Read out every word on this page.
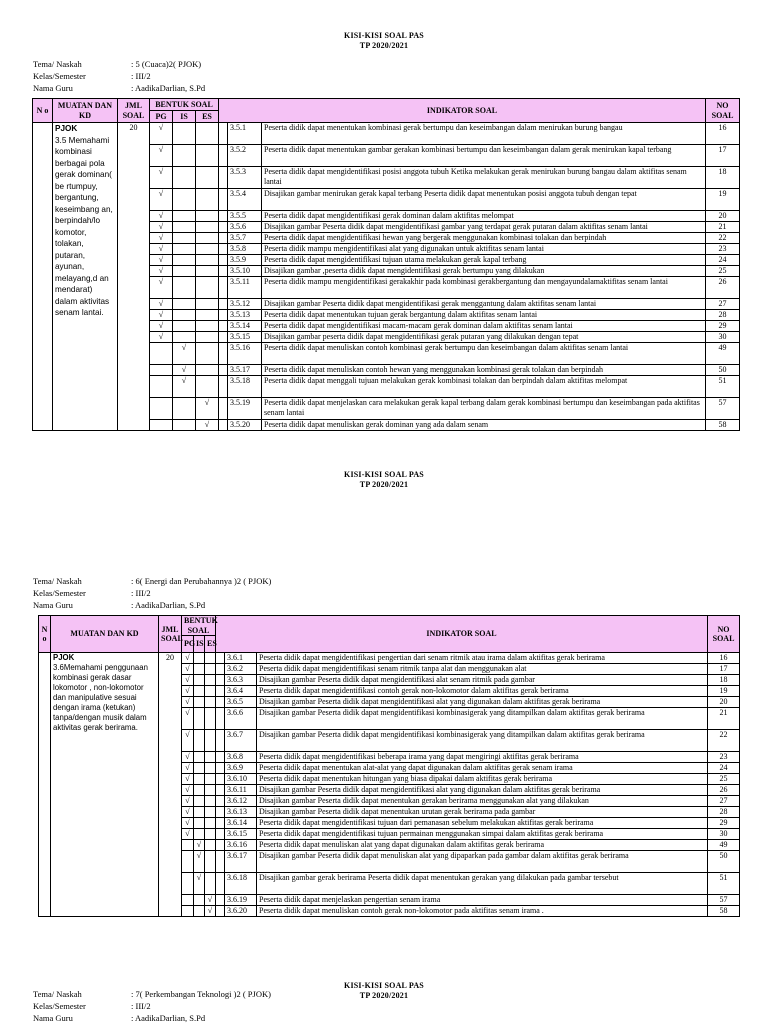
KISI-KISI SOAL PAS
TP 2020/2021
Tema/ Naskah	: 5 (Cuaca)2( PJOK)
Kelas/Semester	: III/2
Nama Guru	: AadikaDarlian, S.Pd
N o	MUATAN DAN KD	JML SOAL	BENTUK SOAL			INDIKATOR SOAL			NO SOAL
			PG	IS	ES				

	PJOK
3.5 Memahami kombinasi berbagai pola gerak dominan( be rtumpuy, bergantung, keseimbang an, berpindah/lo komotor, tolakan, putaran, ayunan, melayang,d an mendarat) dalam aktivitas senam lantai.	20	√				3.5.1	Peserta didik dapat menentukan kombinasi gerak bertumpu dan keseimbangan dalam menirukan burung bangau	16
			√				3.5.2	Peserta didik dapat menentukan gambar gerakan kombinasi bertumpu dan keseimbangan dalam gerak menirukan kapal terbang	17
			√				3.5.3	Peserta didik dapat mengidentifikasi posisi anggota tubuh Ketika melakukan gerak menirukan burung bangau dalam aktifitas senam lantai	18
			√				3.5.4	Disajikan gambar menirukan gerak kapal terbang Peserta didik dapat menentukan posisi anggota tubuh dengan tepat	19
			√				3.5.5	Peserta didik dapat mengidentifikasi gerak dominan dalam aktifitas melompat	20
			√				3.5.6	Disajikan gambar Peserta didik dapat mengidentifikasi gambar yang terdapat gerak putaran dalam aktifitas senam lantai	21
			√				3.5.7	Peserta didik dapat mengidentifikasi hewan yang bergerak menggunakan kombinasi tolakan dan berpindah	22
			√				3.5.8	Peserta didik mampu mengidentifikasi alat yang digunakan untuk aktifitas senam lantai	23
			√				3.5.9	Peserta didik dapat mengidentifikasi tujuan utama melakukan gerak kapal terbang	24
			√				3.5.10	Disajikan gambar ,peserta didik dapat mengidentifikasi gerak bertumpu yang dilakukan	25
			√				3.5.11	Peserta didik mampu mengidentifikasi gerakakhir pada kombinasi gerakbergantung dan mengayundalamaktifitas senam lantai	26
			√				3.5.12	Disajikan gambar Peserta didik dapat mengidentifikasi gerak menggantung dalam aktifitas senam lantai	27
			√				3.5.13	Peserta didik dapat menentukan tujuan gerak bergantung dalam aktifitas senam lantai	28
			√				3.5.14	Peserta didik dapat mengidentifikasi macam-macam gerak dominan dalam aktifitas senam lantai	29
			√				3.5.15	Disajikan gambar peserta didik dapat mengidentifikasi gerak putaran yang dilakukan dengan tepat	30
				√			3.5.16	Peserta didik dapat menuliskan contoh kombinasi gerak bertumpu dan keseimbangan dalam aktifitas senam lantai	49
				√			3.5.17	Peserta didik dapat menuliskan contoh hewan yang menggunakan kombinasi gerak tolakan dan berpindah	50
				√			3.5.18	Peserta didik dapat menggali tujuan melakukan gerak kombinasi tolakan dan berpindah dalam aktifitas melompat	51
					√		3.5.19	Peserta didik dapat menjelaskan cara melakukan gerak kapal terbang dalam gerak kombinasi bertumpu dan keseimbangan pada aktifitas senam lantai	57
					√		3.5.20	Peserta didik dapat menuliskan gerak dominan yang ada dalam senam	58
KISI-KISI SOAL PAS
TP 2020/2021
Tema/ Naskah	: 6( Energi dan Perubahannya )2 ( PJOK)
Kelas/Semester	: III/2
Nama Guru	: AadikaDarlian, S.Pd
N o	MUATAN DAN KD	JML SOAL	BENTUK SOAL			INDIKATOR SOAL			NO SOAL
			PG	IS	ES				

	PJOK
3.6Memahami penggunaan kombinasi gerak dasar lokomotor , non-lokomotor dan manipulative sesuai dengan irama (ketukan) tanpa/dengan musik dalam aktivitas gerak berirama.	20	√				3.6.1	Peserta didik dapat mengidentifikasi pengertian dari senam ritmik atau irama dalam aktifitas gerak berirama	16
			√				3.6.2	Peserta didik dapat mengidentifikasi senam ritmik tanpa alat dan menggunakan alat	17
			√				3.6.3	Disajikan gambar Peserta didik dapat mengidentifikasi alat senam ritmik pada gambar	18
			√				3.6.4	Peserta didik dapat mengidentifikasi contoh gerak non-lokomotor dalam aktifitas gerak berirama	19
			√				3.6.5	Disajikan gambar Peserta didik dapat mengidentifikasi alat yang digunakan dalam aktifitas gerak berirama	20
			√				3.6.6	Disajikan gambar Peserta didik dapat mengidentifikasi kombinasigerak yang ditampilkan dalam aktifitas gerak berirama	21
			√				3.6.7	Disajikan gambar Peserta didik dapat mengidentifikasi kombinasigerak yang ditampilkan dalam aktifitas gerak berirama	22
			√				3.6.8	Peserta didik dapat mengidentifikasi beberapa irama yang dapat mengiringi aktifitas gerak berirama	23
			√				3.6.9	Peserta didik dapat menentukan alat-alat yang dapat digunakan dalam aktifitas gerak senam irama	24
			√				3.6.10	Peserta didik dapat menentukan hitungan yang biasa dipakai dalam aktifitas gerak berirama	25
			√				3.6.11	Disajikan gambar Peserta didik dapat mengidentifikasi alat yang digunakan dalam aktifitas gerak berirama	26
			√				3.6.12	Disajikan gambar Peserta didik dapat menentukan gerakan berirama menggunakan alat yang dilakukan	27
			√				3.6.13	Disajikan gambar Peserta didik dapat menentukan urutan gerak berirama pada gambar	28
			√				3.6.14	Peserta didik dapat mengidentifikasi tujuan dari pemanasan sebelum melakukan aktifitas gerak berirama	29
			√				3.6.15	Peserta didik dapat mengidentifikasi tujuan permainan menggunakan simpai dalam aktifitas gerak berirama	30
				√			3.6.16	Peserta didik dapat menuliskan alat yang dapat digunakan dalam aktifitas gerak berirama	49
				√			3.6.17	Disajikan gambar Peserta didik dapat menuliskan alat yang dipaparkan pada gambar dalam aktifitas gerak berirama	50
				√			3.6.18	Disajikan gambar gerak berirama Peserta didik dapat menentukan gerakan yang dilakukan pada gambar tersebut	51
					√		3.6.19	Peserta didik dapat menjelaskan pengertian senam irama	57
					√		3.6.20	Peserta didik dapat menuliskan contoh gerak non-lokomotor pada aktifitas senam irama .	58
KISI-KISI SOAL PAS
TP 2020/2021
Tema/ Naskah	: 7( Perkembangan Teknologi )2 ( PJOK)
Kelas/Semester	: III/2
Nama Guru	: AadikaDarlian, S.Pd
